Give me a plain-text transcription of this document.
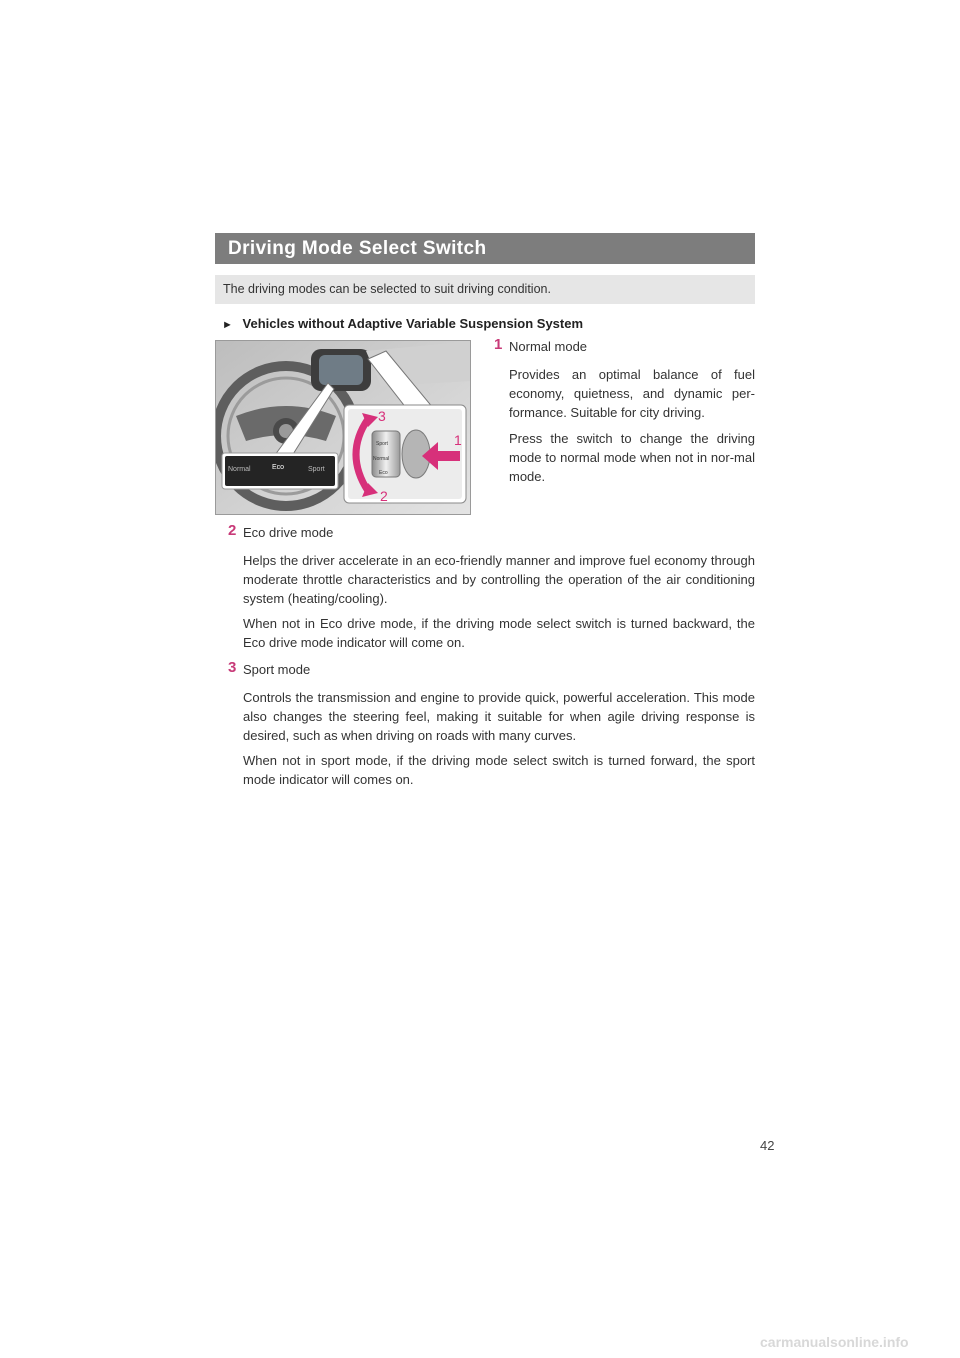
Driving Mode Select Switch
The driving modes can be selected to suit driving condition.
► Vehicles without Adaptive Variable Suspension System
Normal	Eco	Sport
Sport
Normal
Eco
1
2
3
1 Normal mode
Provides an optimal balance of fuel economy, quietness, and dynamic per-formance. Suitable for city driving.
Press the switch to change the driving mode to normal mode when not in nor-mal mode.
2 Eco drive mode
Helps the driver accelerate in an eco-friendly manner and improve fuel economy through moderate throttle characteristics and by controlling the operation of the air conditioning system (heating/cooling).
When not in Eco drive mode, if the driving mode select switch is turned backward, the Eco drive mode indicator will come on.
3 Sport mode
Controls the transmission and engine to provide quick, powerful acceleration. This mode also changes the steering feel, making it suitable for when agile driving response is desired, such as when driving on roads with many curves.
When not in sport mode, if the driving mode select switch is turned forward, the sport mode indicator will comes on.
42
carmanualsonline.info
